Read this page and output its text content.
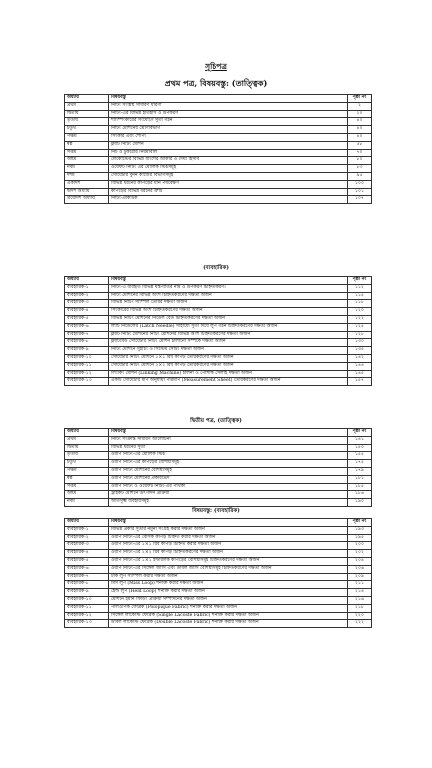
সূচিপত্র
প্রথম পত্র, বিষয়বস্তু: (তাত্ত্বিক)
অধ্যায়	বিষয়বস্তু	পৃষ্ঠা নং
প্রথম	নিটিং সংশ্লিষ্ট সাধারণ ধারণা	২
দ্বিতীয়	নিটিং-এর বিভিন্ন ইতিহাস ও উপকরণ	২০
তৃতীয়	শ্যাম্পিংকারের সংযোগে সুতা গঠন	৪০
চতুর্থ	নিটিং মেশিনের শ্রেণিবিভাগ	৪০
পঞ্চম	সিংকার এবং শেপিং	৪০
ষষ্ঠ	ফ্ল্যাট নিটিং মেশিন	৫৮
সপ্তম	নিট ও টুকরোর নিয়মাবলি	৭০
অষ্টম	লেকোস্টের বিভিন্ন অংশের আকার ও দৈর্ঘ্য হিসাব	৮০
নবম	ওয়েফট নিটিং এর মৌলিক স্টিচসমূহ	৮৩
দশম	সোয়েটার বুনন কাজের বিভাগসমূহ	৯৫
একাদশ	বিভিন্ন ধরনের কাপড়ের মান পর্যবেক্ষণ	১০০
দ্বাদশ অধ্যায়	কাপড়ের বিভিন্ন ধরনের ত্রুটি	১০১
ত্রয়োদশ অধ্যায়	নিটিং-প্রাকটিক	১০৭
(ব্যবহারিক)
অধ্যায়	বিষয়বস্তু	পৃষ্ঠা নং
ব্যবহারিক-১	নিটিং-এ ব্যবহৃত বিভিন্ন যন্ত্রপাতির নাম ও উপকরণ চিহ্নিতকরণ।	১১২
ব্যবহারিক-২	নিটিং মেশিনের বিভিন্ন অংশ চিহ্নিতকরণের দক্ষতা অর্জন	১১৫
ব্যবহারিক-৩	বিভিন্ন নিটিং স্যাম্পল তৈরির দক্ষতা অর্জন	১১৮
ব্যবহারিক-৪	সিংকারের বিভিন্ন অংশ চিহ্নিতকরণের দক্ষতা অর্জন	১২০
ব্যবহারিক-৫	বিভিন্ন নিটিং মেশিনের নিডেল বেড চিহ্নিতকরণের দক্ষতা অর্জন	১২২
ব্যবহারিক-৬	ল্যাচ নিডেলের (Latch Needle) সাহায্যে সুতা দিয়ে লুপ গঠন চিহ্নিতকরণের দক্ষতা অর্জন	১২৫
ব্যবহারিক-৭	ফ্ল্যাট নিটিং মেশিনের নিটিং মেশিনের বিভিন্ন অংশ চিহ্নিতকরণের দক্ষতা অর্জন	১২৮
ব্যবহারিক-৮	ফ্ল্যাটবেড সোয়েটার নিটিং মেশিন চালানো সম্পর্কে দক্ষতা অর্জন	১৩০
ব্যবহারিক-৯	নিটিং মেশিনে সুইচিং ও সিস্টেম সেটিং দক্ষতা অর্জন	১৩৫
ব্যবহারিক-১০	সোয়েটার নিটিং মেশিনে ১×১ রিব কাপড় তৈরিকরণের দক্ষতা অর্জন	১৪২
ব্যবহারিক-১১	সোয়েটার নিটিং মেশিনে ২×২ রিব কাপড় তৈরিকরণের দক্ষতা অর্জন	১৪৪
ব্যবহারিক-১২	লিংকিং মেশিন (Linking Machine) চালনা ও পোশাক সেলাই দক্ষতা অর্জন	১৪৫
ব্যবহারিক-১৩	একটি সোয়েটার মাপ অনুযায়ী পরিমাপ (Measurement Sheet) তৈরিকরণের দক্ষতা অর্জন	১৫৭
দ্বিতীয় পত্র, (তাত্ত্বিক)
অধ্যায়	বিষয়বস্তু	পৃষ্ঠা নং
প্রথম	নিটিং সংক্রান্ত সাধারণ আলোচনা	১৪১
দ্বিতীয়	বিভিন্ন ধরনের সুতা	১৫০
তৃতীয়	ওয়ার্প নিটিং-এর মৌলিক স্টিচ	১৫৫
চতুর্থ	ওয়ার্প নিটিং-এর কাপড়ের বৈশিষ্ট্যসমূহ	১৭৫
পঞ্চম	ওয়ার্প নিটিং মেশিনের বৈশিষ্ট্যসমূহ	১৭৯
ষষ্ঠ	ওয়ার্প নিটিং মেশিনের প্রকারভেদ	১৮১
সপ্তম	ওয়ার্প নিটিং ও ওয়েফট নিটিং-এর পার্থক্য	১৮৫
অষ্টম	ট্রাইকট মেশিনে উৎপাদন প্রক্রিয়া	১৮৬
নবম	অতিসুক্ষ্ম ব্যবহারসমূহ	১৯০
বিষয়বস্তু: (ব্যবহারিক)
অধ্যায়	বিষয়বস্তু	পৃষ্ঠা নং
ব্যবহারিক-১	বিভিন্ন প্রকার সুতার নমুনা সংগ্রহ করার দক্ষতা অর্জন	১৯৩
ব্যবহারিক-২	ওয়ার্প নিটিং-এর বেসিক কাপড় চিহ্নিত করার দক্ষতা অর্জন	১৯৫
ব্যবহারিক-৩	ওয়ার্প নিটিং-এর ১×১ রিব কাপড় চিহ্নিত করার দক্ষতা অর্জন	২০০
ব্যবহারিক-৪	ওয়ার্প নিটিং-এর ২×২ রিব কাপড় চিহ্নিতকরণের দক্ষতা অর্জন	২০২
ব্যবহারিক-৫	ওয়ার্প নিটিং-এর ১×১ ইন্টারলক কাপড়ের বৈশিষ্ট্যসমূহ চিহ্নিতকরণের দক্ষতা অর্জন	২০৪
ব্যবহারিক-৬	ওয়ার্প নিটিং-এর সিঙ্গেল জার্সি এবং ডাবল জার্সি বৈশিষ্ট্যসমূহ চিহ্নিতকরণের দক্ষতা অর্জন	২০৬
ব্যবহারিক-৭	টাক লুপ স্যাম্পল করার দক্ষতা অর্জন	২০৯
ব্যবহারিক-৮	মিস লুপ (Miss Loop) শনাক্ত করার দক্ষতা অর্জন	২১১
ব্যবহারিক-৯	হেল্ড লুপ (Held Loop) শনাক্ত করার দক্ষতা অর্জন	২১৪
ব্যবহারিক-১০	মেশিনে ইয়ার্ন ফিডিং প্রক্রিয়া সম্পাদনের দক্ষতা অর্জন	২১৬
ব্যবহারিক-১১	পলিওপিক ফেব্রিক (Polopique Fabric) শনাক্ত করার দক্ষতা অর্জন	২১৮
ব্যবহারিক-১২	সিঙ্গেল লাকোস্ট ফেব্রিক (Single Lacoste Fabric) শনাক্ত করার দক্ষতা অর্জন	২২০
ব্যবহারিক-১৩	ডাবল লাকোস্ট ফেব্রিক (Double Lacoste Fabric) শনাক্ত করার দক্ষতা অর্জন	২২২
